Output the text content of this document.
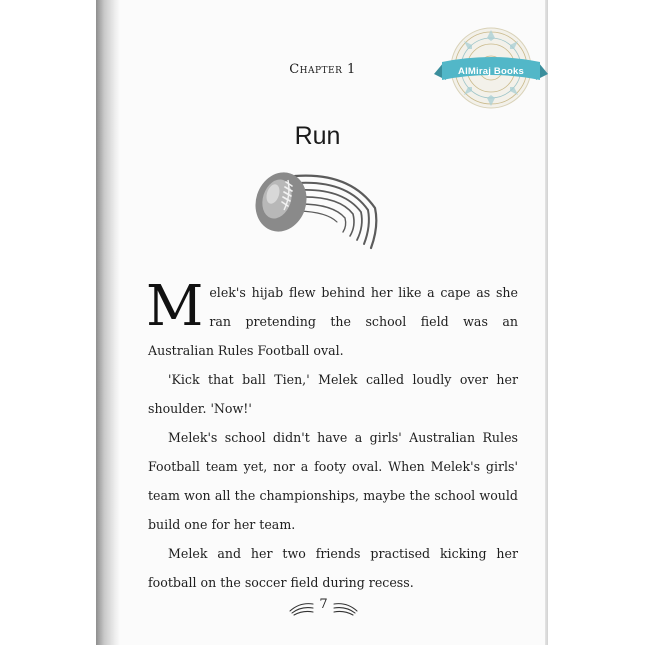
AlMiraj Books
Chapter 1
Run

Melek's hijab flew behind her like a cape as she ran pretending the school field was an Australian Rules Football oval.

'Kick that ball Tien,' Melek called loudly over her shoulder. 'Now!'

Melek's school didn't have a girls' Australian Rules Football team yet, nor a footy oval. When Melek's girls' team won all the championships, maybe the school would build one for her team.

Melek and her two friends practised kicking her football on the soccer field during recess.

7
